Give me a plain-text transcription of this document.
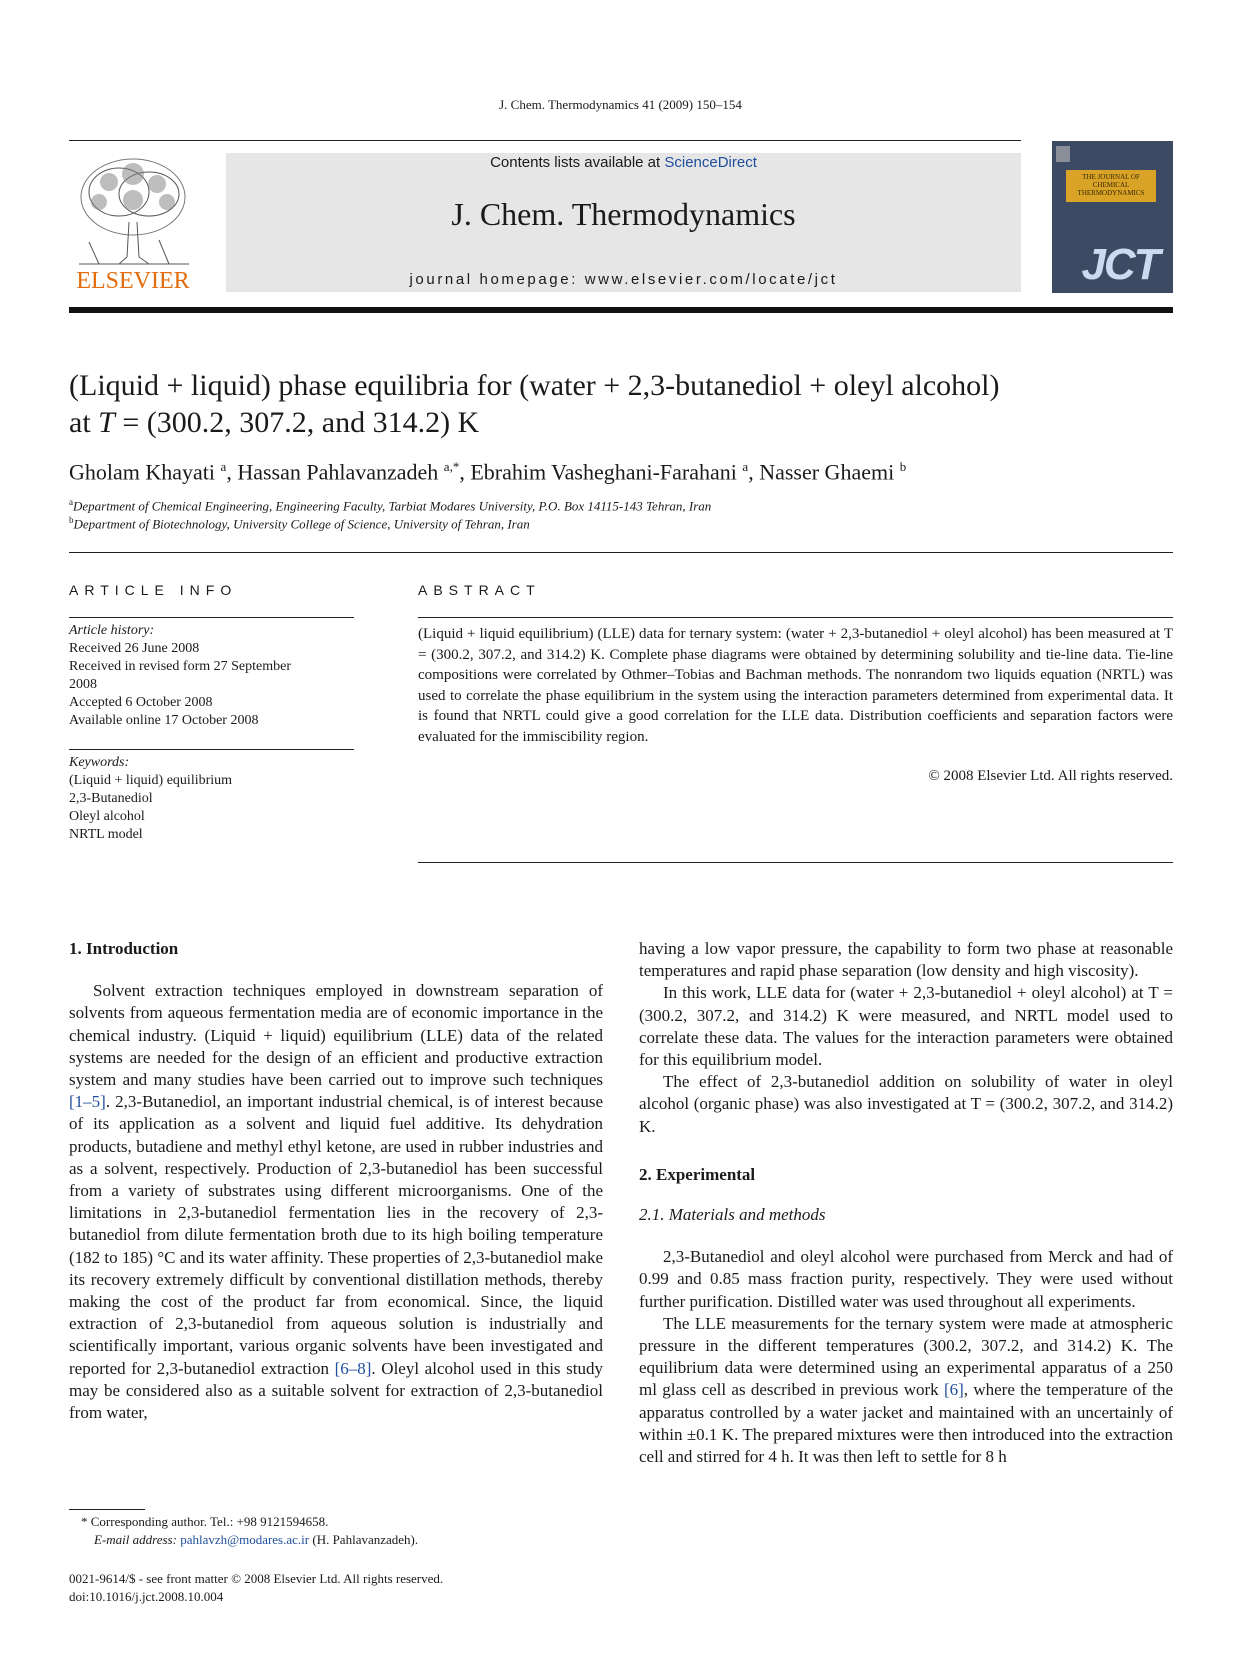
J. Chem. Thermodynamics 41 (2009) 150–154
ELSEVIER
Contents lists available at ScienceDirect
J. Chem. Thermodynamics
journal homepage: www.elsevier.com/locate/jct
THE JOURNAL OF CHEMICAL THERMODYNAMICS
JCT
(Liquid + liquid) phase equilibria for (water + 2,3-butanediol + oleyl alcohol)
at T = (300.2, 307.2, and 314.2) K
Gholam Khayati $^a$, Hassan Pahlavanzadeh $^{a,*}$, Ebrahim Vasheghani-Farahani $^a$, Nasser Ghaemi $^b$
$^a$Department of Chemical Engineering, Engineering Faculty, Tarbiat Modares University, P.O. Box 14115-143 Tehran, Iran
$^b$Department of Biotechnology, University College of Science, University of Tehran, Iran
ARTICLE INFO
Article history:
Received 26 June 2008
Received in revised form 27 September
2008
Accepted 6 October 2008
Available online 17 October 2008
Keywords:
(Liquid + liquid) equilibrium
2,3-Butanediol
Oleyl alcohol
NRTL model
ABSTRACT
(Liquid + liquid equilibrium) (LLE) data for ternary system: (water + 2,3-butanediol + oleyl alcohol) has been measured at T = (300.2, 307.2, and 314.2) K. Complete phase diagrams were obtained by determining solubility and tie-line data. Tie-line compositions were correlated by Othmer–Tobias and Bachman methods. The nonrandom two liquids equation (NRTL) was used to correlate the phase equilibrium in the system using the interaction parameters determined from experimental data. It is found that NRTL could give a good correlation for the LLE data. Distribution coefficients and separation factors were evaluated for the immiscibility region.
© 2008 Elsevier Ltd. All rights reserved.
1. Introduction

Solvent extraction techniques employed in downstream separation of solvents from aqueous fermentation media are of economic importance in the chemical industry. (Liquid + liquid) equilibrium (LLE) data of the related systems are needed for the design of an efficient and productive extraction system and many studies have been carried out to improve such techniques [1–5]. 2,3-Butanediol, an important industrial chemical, is of interest because of its application as a solvent and liquid fuel additive. Its dehydration products, butadiene and methyl ethyl ketone, are used in rubber industries and as a solvent, respectively. Production of 2,3-butanediol has been successful from a variety of substrates using different microorganisms. One of the limitations in 2,3-butanediol fermentation lies in the recovery of 2,3-butanediol from dilute fermentation broth due to its high boiling temperature (182 to 185) °C and its water affinity. These properties of 2,3-butanediol make its recovery extremely difficult by conventional distillation methods, thereby making the cost of the product far from economical. Since, the liquid extraction of 2,3-butanediol from aqueous solution is industrially and scientifically important, various organic solvents have been investigated and reported for 2,3-butanediol extraction [6–8]. Oleyl alcohol used in this study may be considered also as a suitable solvent for extraction of 2,3-butanediol from water,

having a low vapor pressure, the capability to form two phase at reasonable temperatures and rapid phase separation (low density and high viscosity).

In this work, LLE data for (water + 2,3-butanediol + oleyl alcohol) at T = (300.2, 307.2, and 314.2) K were measured, and NRTL model used to correlate these data. The values for the interaction parameters were obtained for this equilibrium model.

The effect of 2,3-butanediol addition on solubility of water in oleyl alcohol (organic phase) was also investigated at T = (300.2, 307.2, and 314.2) K.

2. Experimental
2.1. Materials and methods

2,3-Butanediol and oleyl alcohol were purchased from Merck and had of 0.99 and 0.85 mass fraction purity, respectively. They were used without further purification. Distilled water was used throughout all experiments.

The LLE measurements for the ternary system were made at atmospheric pressure in the different temperatures (300.2, 307.2, and 314.2) K. The equilibrium data were determined using an experimental apparatus of a 250 ml glass cell as described in previous work [6], where the temperature of the apparatus controlled by a water jacket and maintained with an uncertainly of within ±0.1 K. The prepared mixtures were then introduced into the extraction cell and stirred for 4 h. It was then left to settle for 8 h

* Corresponding author. Tel.: +98 9121594658.
E-mail address: pahlavzh@modares.ac.ir (H. Pahlavanzadeh).
0021-9614/$ - see front matter © 2008 Elsevier Ltd. All rights reserved.
doi:10.1016/j.jct.2008.10.004
